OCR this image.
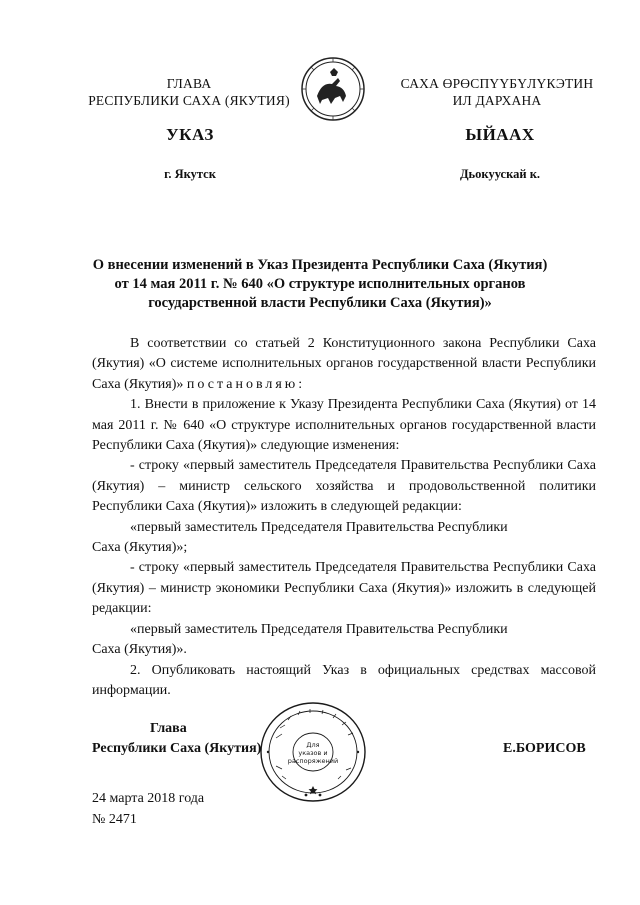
ГЛАВА
РЕСПУБЛИКИ САХА (ЯКУТИЯ)
САХА ӨРӨСПҮҮБҮЛҮКЭТИН
ИЛ ДАРХАНА
УКАЗ	ЫЙААХ
г. Якутск	Дьокуускай к.
О внесении изменений в Указ Президента Республики Саха (Якутия)
от 14 мая 2011 г. № 640 «О структуре исполнительных органов
государственной власти Республики Саха (Якутия)»

В соответствии со статьей 2 Конституционного закона Республики Саха (Якутия) «О системе исполнительных органов государственной власти Республики Саха (Якутия)» постановляю:

1. Внести в приложение к Указу Президента Республики Саха (Якутия) от 14 мая 2011 г. № 640 «О структуре исполнительных органов государственной власти Республики Саха (Якутия)» следующие изменения:

- строку «первый заместитель Председателя Правительства Республики Саха (Якутия) – министр сельского хозяйства и продовольственной политики Республики Саха (Якутия)» изложить в следующей редакции:

«первый заместитель Председателя Правительства Республики

Саха (Якутия)»;

- строку «первый заместитель Председателя Правительства Республики Саха (Якутия) – министр экономики Республики Саха (Якутия)» изложить в следующей редакции:

«первый заместитель Председателя Правительства Республики

Саха (Якутия)».

2. Опубликовать настоящий Указ в официальных средствах массовой информации.

Глава
Республики Саха (Якутия)	Е.БОРИСОВ
Для
указов и
распоряжений
24 марта 2018 года
№ 2471
